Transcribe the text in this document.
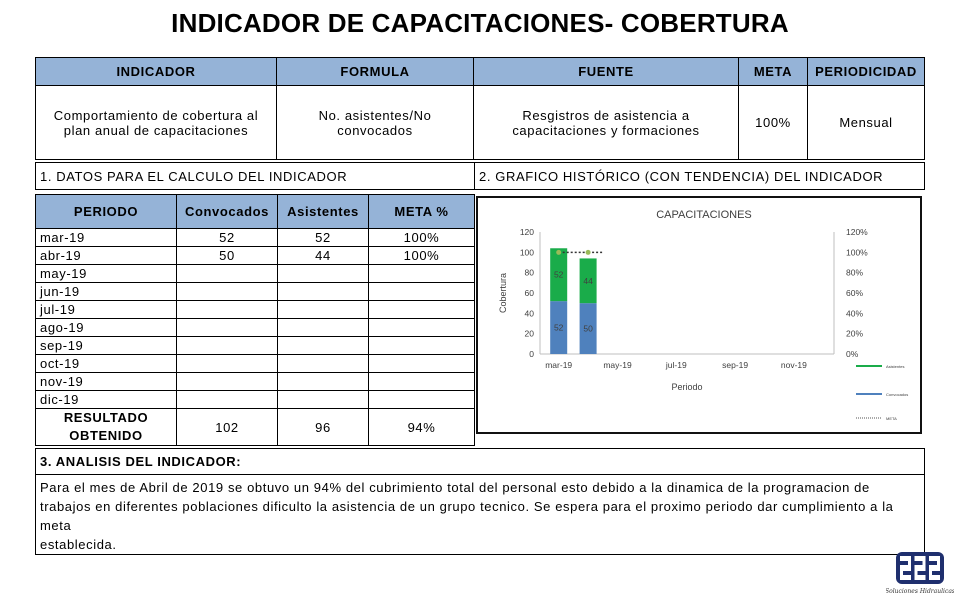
INDICADOR DE CAPACITACIONES- COBERTURA
INDICADOR	FORMULA	FUENTE	META	PERIODICIDAD
Comportamiento de cobertura al plan anual de capacitaciones	No. asistentes/No convocados	Resgistros de asistencia a capacitaciones y formaciones	100%	Mensual
1. DATOS PARA EL CALCULO DEL INDICADOR	2. GRAFICO HISTÓRICO (CON TENDENCIA) DEL INDICADOR
PERIODO	Convocados	Asistentes	META %
mar-19	52	52	100%
abr-19	50	44	100%
may-19			
jun-19			
jul-19			
ago-19			
sep-19			
oct-19			
nov-19			
dic-19			
RESULTADO
OBTENIDO	102	96	94%
CAPACITACIONES
0
20
40
60
80
100
120
0%
20%
40%
60%
80%
100%
120%
Cobertura
Periodo
mar-19	may-19	jul-19	sep-19	nov-19
52
52
50
44
Asistentes
Convocados
META
3. ANALISIS DEL INDICADOR:

Para el mes de Abril de 2019 se obtuvo un 94% del cubrimiento total del personal esto debido a la dinamica de la programacion de
trabajos en diferentes poblaciones dificulto la asistencia de un grupo tecnico. Se espera para el proximo periodo dar cumplimiento a la meta
establecida.
Soluciones Hidraulicas
